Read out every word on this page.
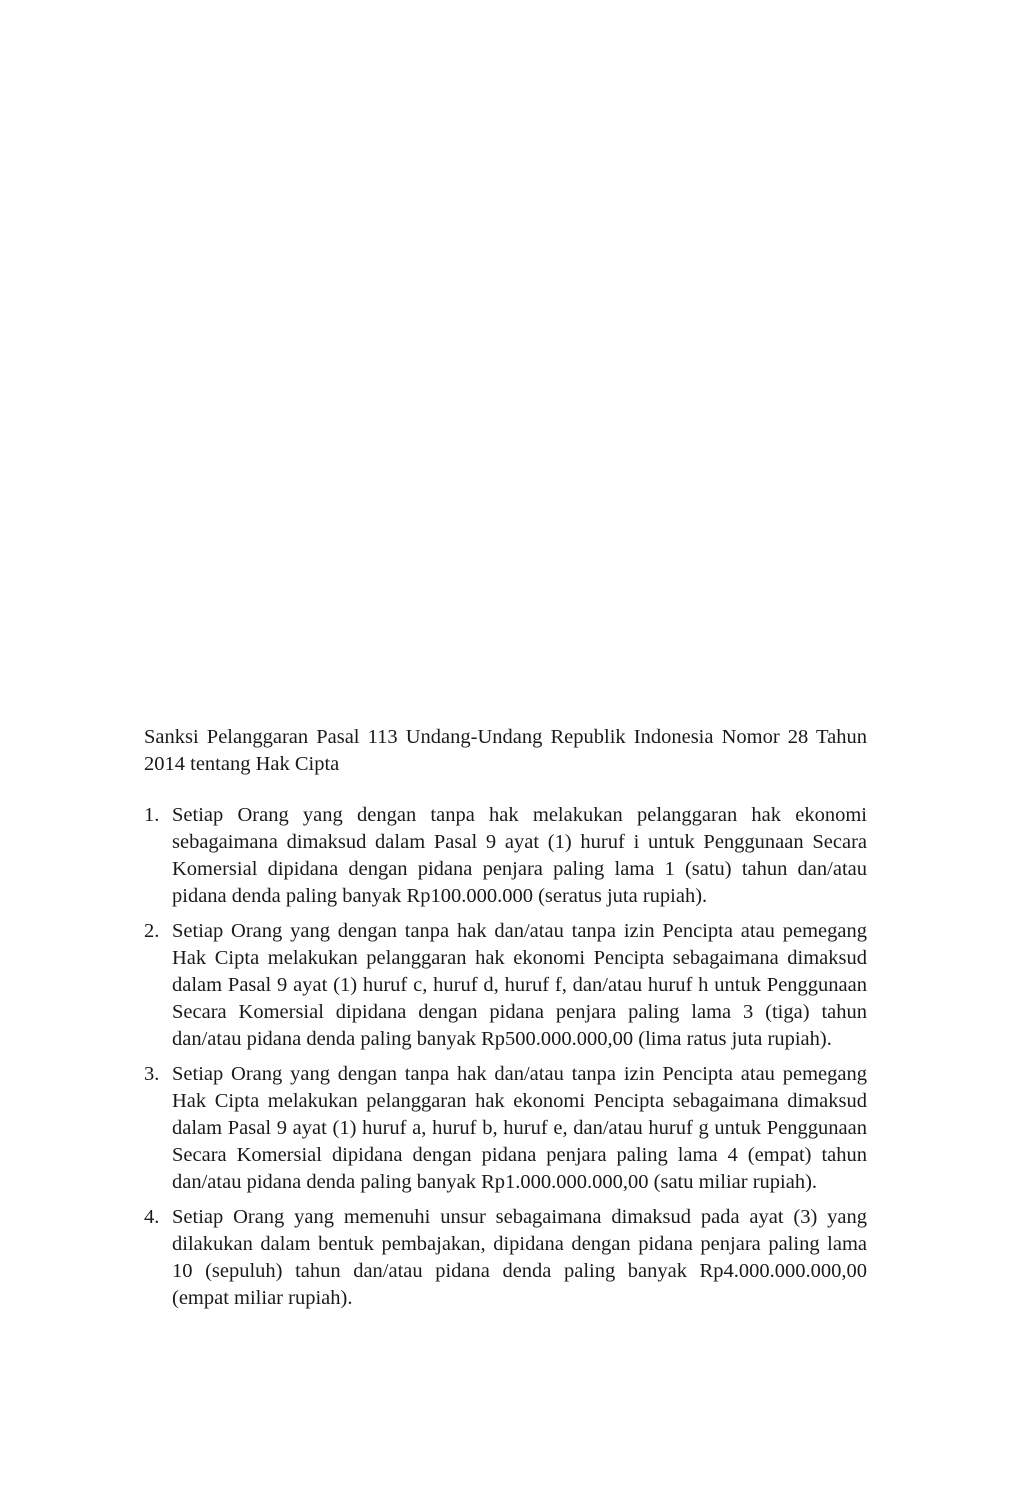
Sanksi Pelanggaran Pasal 113 Undang-Undang Republik Indonesia Nomor 28 Tahun 2014 tentang Hak Cipta

1. Setiap Orang yang dengan tanpa hak melakukan pelanggaran hak ekonomi sebagaimana dimaksud dalam Pasal 9 ayat (1) huruf i untuk Penggunaan Secara Komersial dipidana dengan pidana penjara paling lama 1 (satu) tahun dan/atau pidana denda paling banyak Rp100.000.000 (seratus juta rupiah).
2. Setiap Orang yang dengan tanpa hak dan/atau tanpa izin Pencipta atau pemegang Hak Cipta melakukan pelanggaran hak ekonomi Pencipta sebagaimana dimaksud dalam Pasal 9 ayat (1) huruf c, huruf d, huruf f, dan/atau huruf h untuk Penggunaan Secara Komersial dipidana dengan pidana penjara paling lama 3 (tiga) tahun dan/atau pidana denda paling banyak Rp500.000.000,00 (lima ratus juta rupiah).
3. Setiap Orang yang dengan tanpa hak dan/atau tanpa izin Pencipta atau pemegang Hak Cipta melakukan pelanggaran hak ekonomi Pencipta sebagaimana dimaksud dalam Pasal 9 ayat (1) huruf a, huruf b, huruf e, dan/atau huruf g untuk Penggunaan Secara Komersial dipidana dengan pidana penjara paling lama 4 (empat) tahun dan/atau pidana denda paling banyak Rp1.000.000.000,00 (satu miliar rupiah).
4. Setiap Orang yang memenuhi unsur sebagaimana dimaksud pada ayat (3) yang dilakukan dalam bentuk pembajakan, dipidana dengan pidana penjara paling lama 10 (sepuluh) tahun dan/atau pidana denda paling banyak Rp4.000.000.000,00 (empat miliar rupiah).
